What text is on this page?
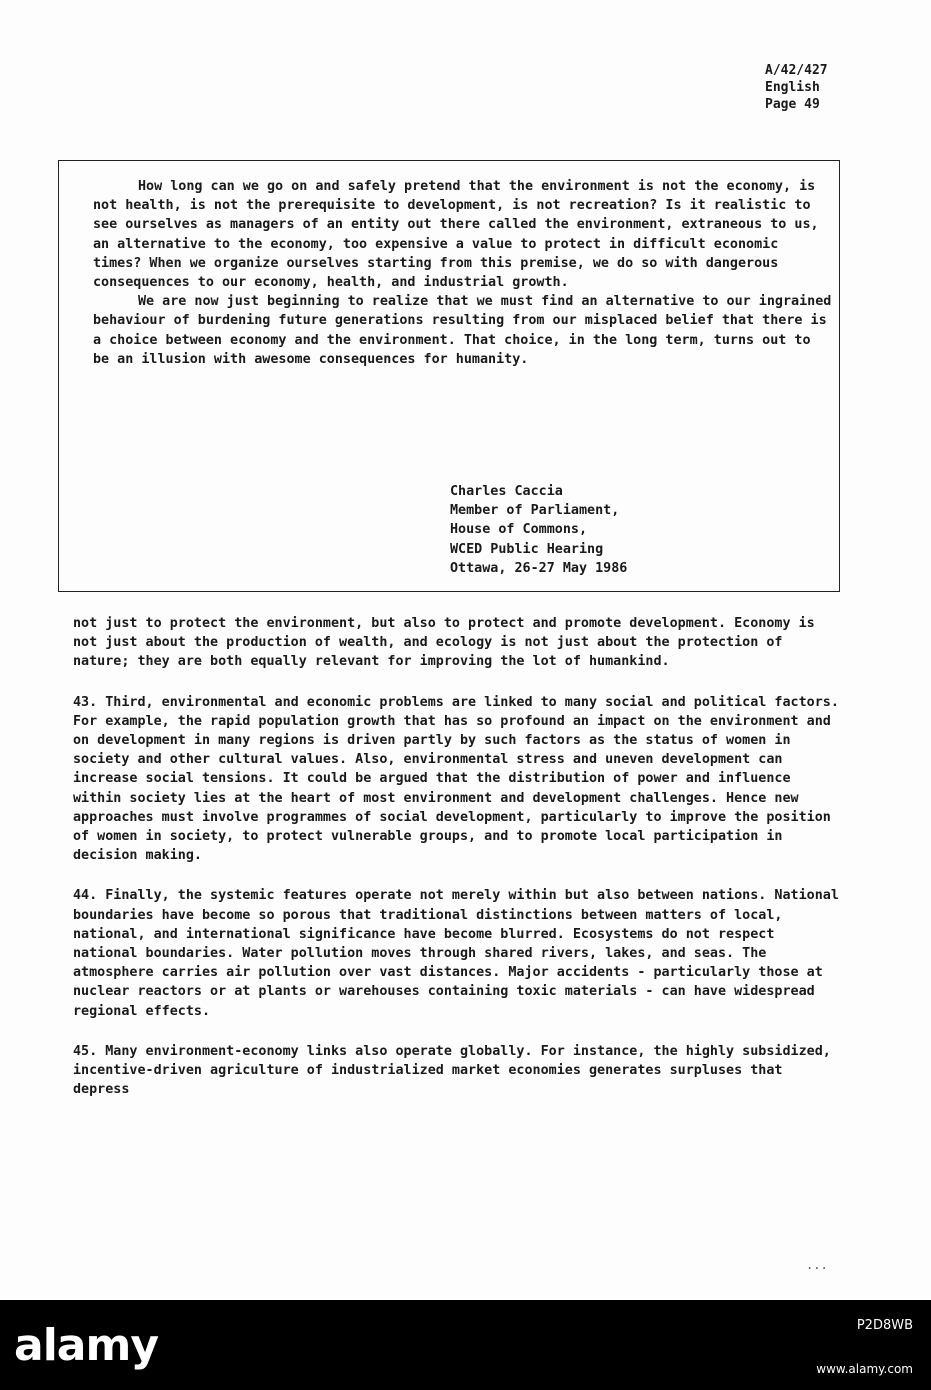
A/42/427
English
Page 49

How long can we go on and safely pretend that the environment is not the economy, is not health, is not the prerequisite to development, is not recreation? Is it realistic to see ourselves as managers of an entity out there called the environment, extraneous to us, an alternative to the economy, too expensive a value to protect in difficult economic times? When we organize ourselves starting from this premise, we do so with dangerous consequences to our economy, health, and industrial growth.

We are now just beginning to realize that we must find an alternative to our ingrained behaviour of burdening future generations resulting from our misplaced belief that there is a choice between economy and the environment. That choice, in the long term, turns out to be an illusion with awesome consequences for humanity.

Charles Caccia
Member of Parliament,
House of Commons,
WCED Public Hearing
Ottawa, 26-27 May 1986

not just to protect the environment, but also to protect and promote development. Economy is not just about the production of wealth, and ecology is not just about the protection of nature; they are both equally relevant for improving the lot of humankind.

43. Third, environmental and economic problems are linked to many social and political factors. For example, the rapid population growth that has so profound an impact on the environment and on development in many regions is driven partly by such factors as the status of women in society and other cultural values. Also, environmental stress and uneven development can increase social tensions. It could be argued that the distribution of power and influence within society lies at the heart of most environment and development challenges. Hence new approaches must involve programmes of social development, particularly to improve the position of women in society, to protect vulnerable groups, and to promote local participation in decision making.

44. Finally, the systemic features operate not merely within but also between nations. National boundaries have become so porous that traditional distinctions between matters of local, national, and international significance have become blurred. Ecosystems do not respect national boundaries. Water pollution moves through shared rivers, lakes, and seas. The atmosphere carries air pollution over vast distances. Major accidents - particularly those at nuclear reactors or at plants or warehouses containing toxic materials - can have widespread regional effects.

45. Many environment-economy links also operate globally. For instance, the highly subsidized, incentive-driven agriculture of industrialized market economies generates surpluses that depress

...
alamy	P2D8WB
www.alamy.com
